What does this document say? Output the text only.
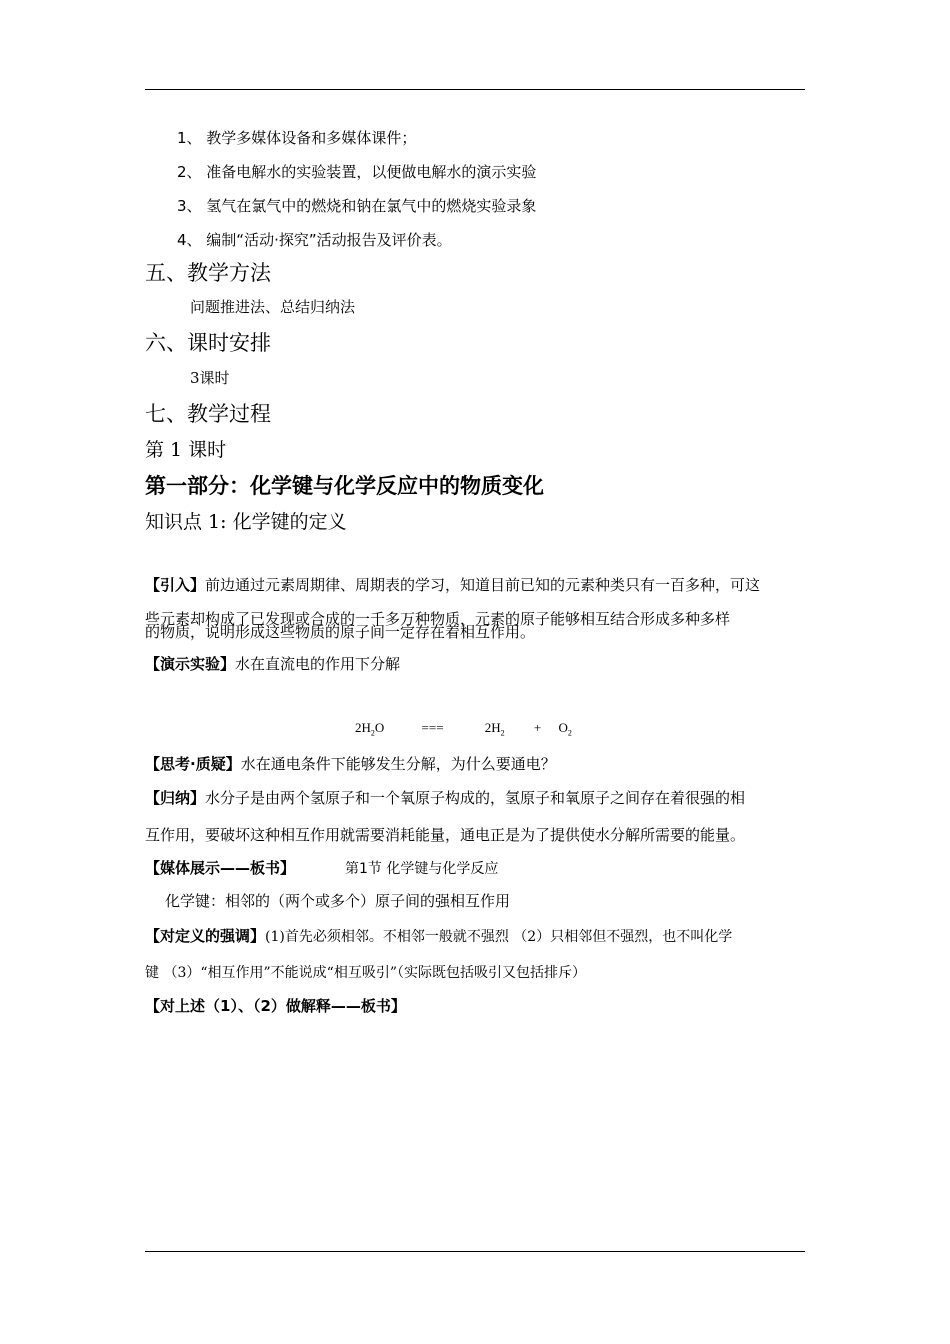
1、 教学多媒体设备和多媒体课件；
2、 准备电解水的实验装置，以便做电解水的演示实验
3、 氢气在氯气中的燃烧和钠在氯气中的燃烧实验录象
4、 编制“活动·探究”活动报告及评价表。
五、教学方法
问题推进法、总结归纳法
六、课时安排
3课时
七、教学过程
第 1 课时
第一部分：化学键与化学反应中的物质变化
知识点 1: 化学键的定义
【引入】前边通过元素周期律、周期表的学习，知道目前已知的元素种类只有一百多种，可这
些元素却构成了已发现或合成的一千多万种物质，元素的原子能够相互结合形成多种多样
的物质，说明形成这些物质的原子间一定存在着相互作用。
【演示实验】水在直流电的作用下分解
$2H_2O$	===	$2H_2 + O_2$
【思考·质疑】水在通电条件下能够发生分解，为什么要通电？
【归纳】水分子是由两个氢原子和一个氧原子构成的，氢原子和氧原子之间存在着很强的相
互作用，要破坏这种相互作用就需要消耗能量，通电正是为了提供使水分解所需要的能量。
【媒体展示——板书】	第1节 化学键与化学反应
化学键：相邻的（两个或多个）原子间的强相互作用
【对定义的强调】(1)首先必须相邻。不相邻一般就不强烈 （2）只相邻但不强烈，也不叫化学
键 （3）“相互作用”不能说成“相互吸引”（实际既包括吸引又包括排斥）
【对上述（1）、（2）做解释——板书】
